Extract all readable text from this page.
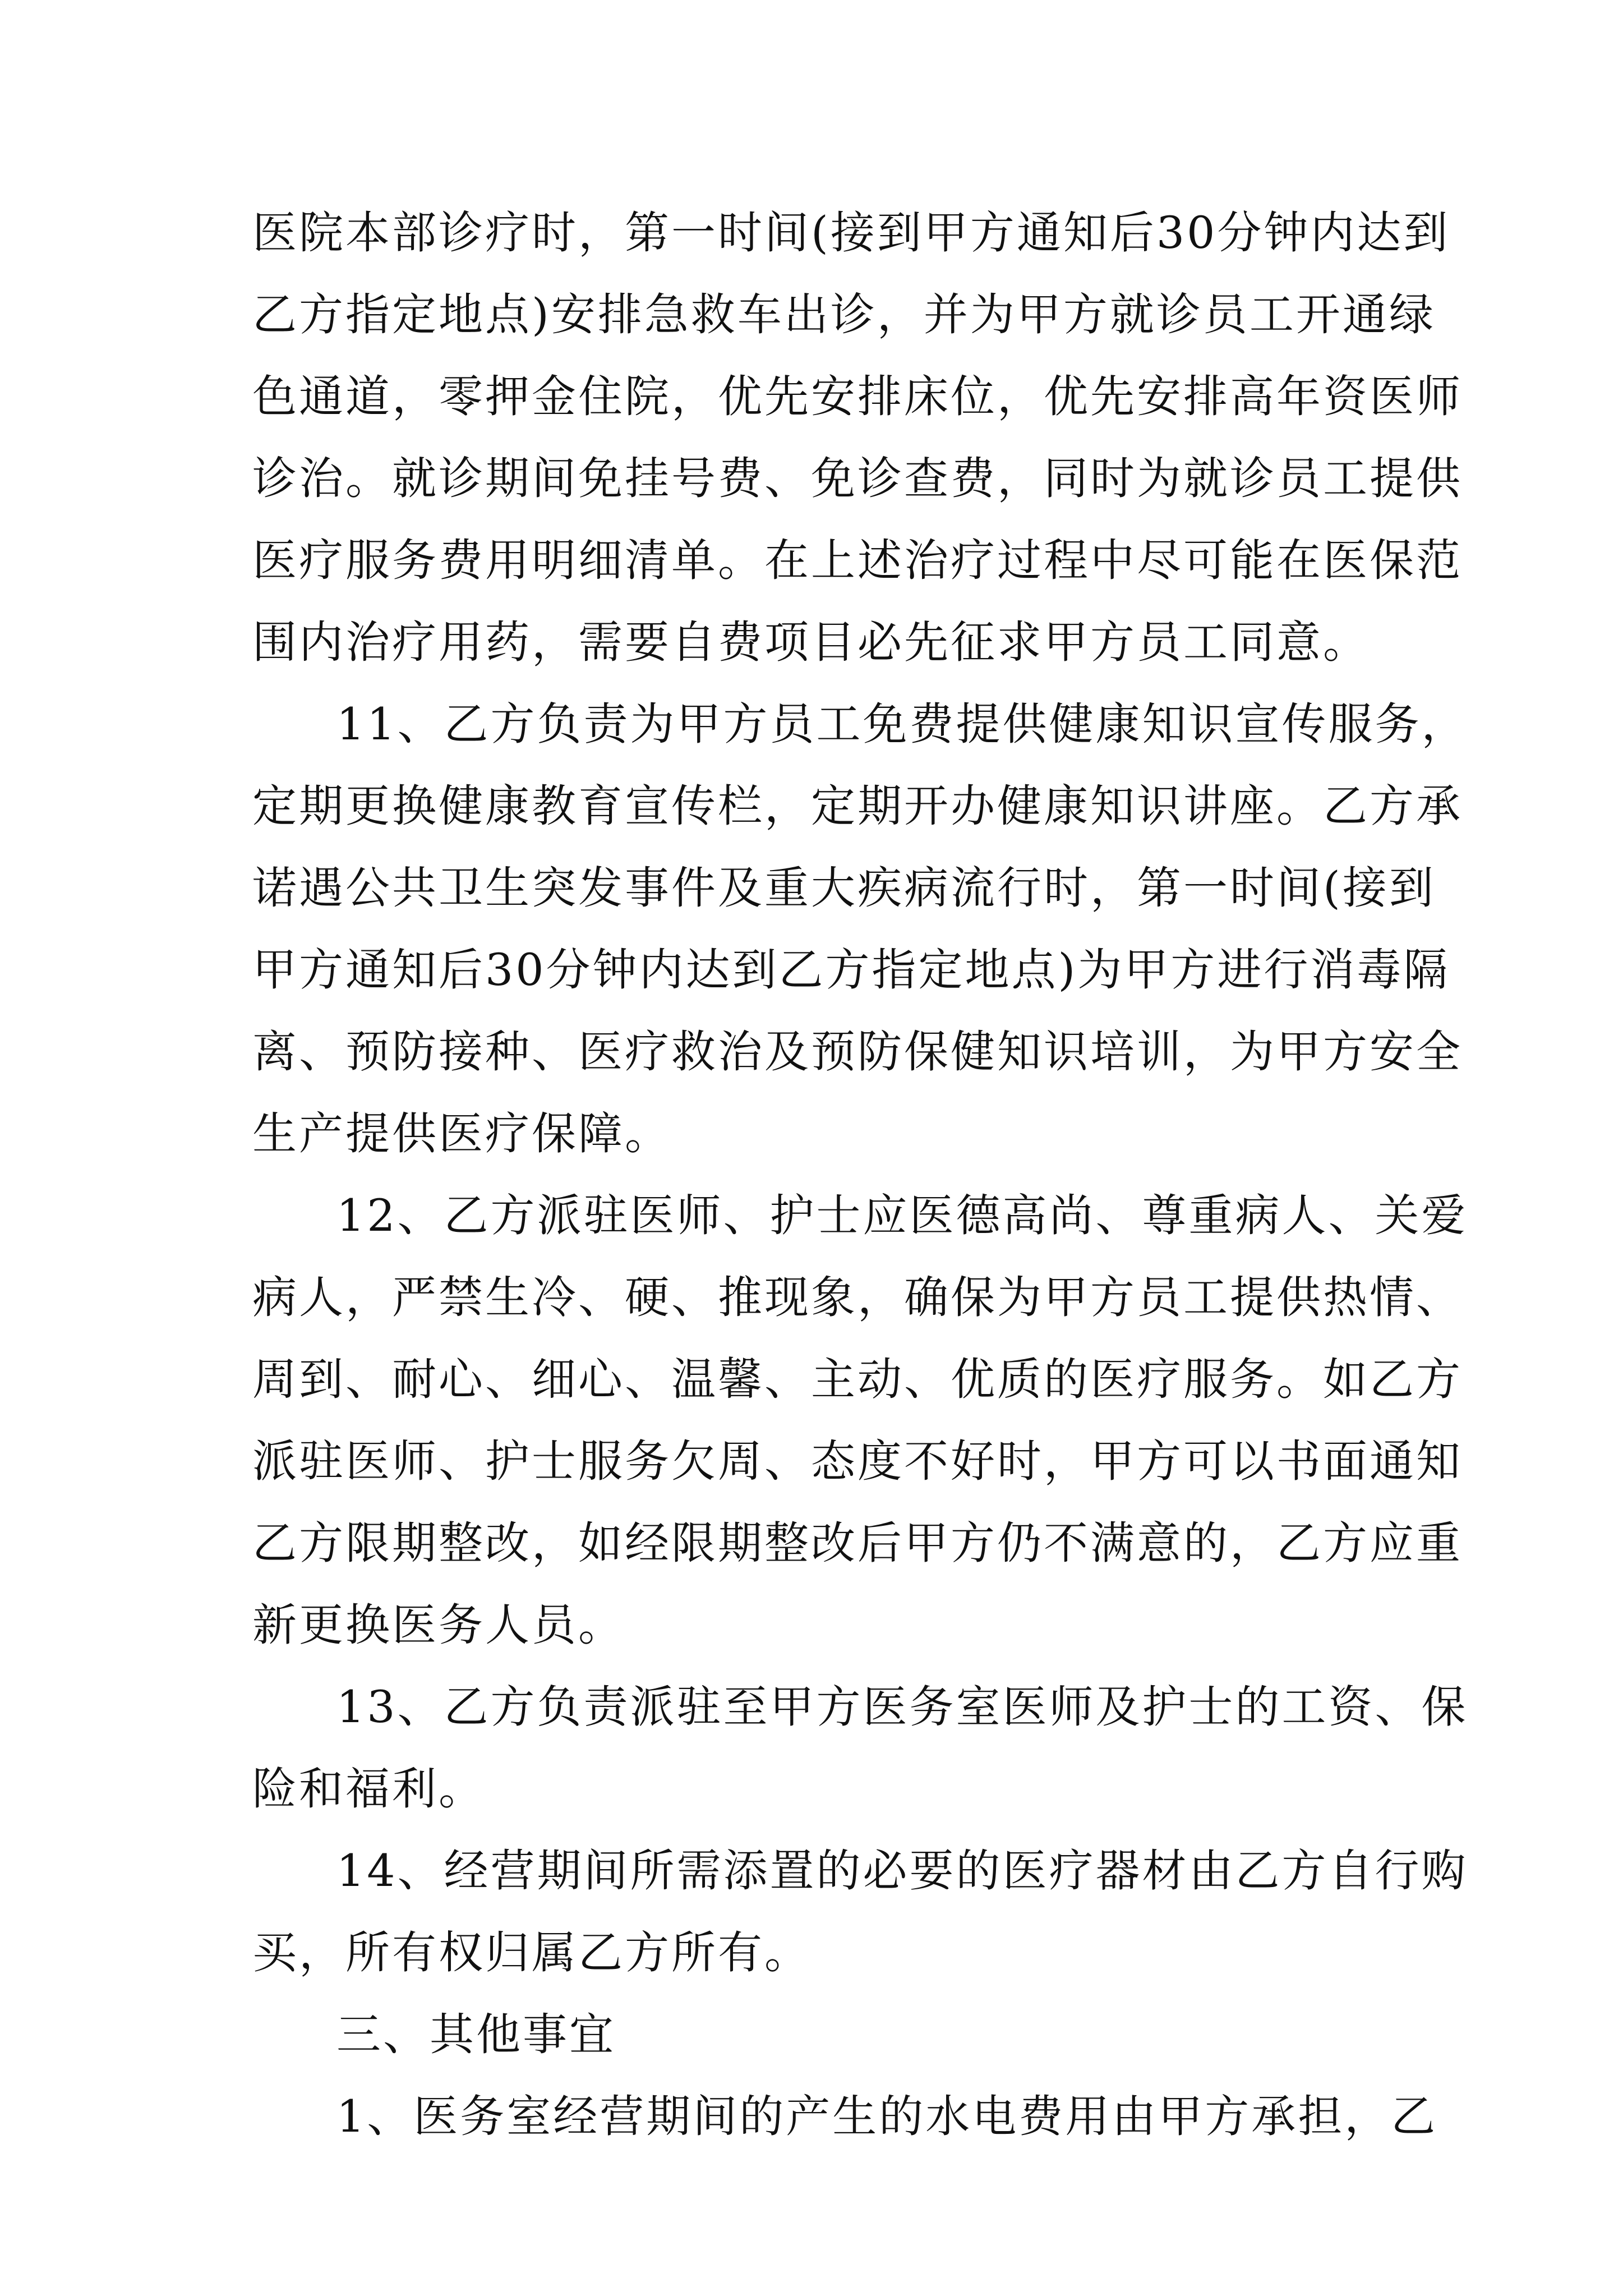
医院本部诊疗时，第一时间(接到甲方通知后30分钟内达到
乙方指定地点)安排急救车出诊，并为甲方就诊员工开通绿
色通道，零押金住院，优先安排床位，优先安排高年资医师
诊治。就诊期间免挂号费、免诊查费，同时为就诊员工提供
医疗服务费用明细清单。在上述治疗过程中尽可能在医保范
围内治疗用药，需要自费项目必先征求甲方员工同意。
11、乙方负责为甲方员工免费提供健康知识宣传服务，
定期更换健康教育宣传栏，定期开办健康知识讲座。乙方承
诺遇公共卫生突发事件及重大疾病流行时，第一时间(接到
甲方通知后30分钟内达到乙方指定地点)为甲方进行消毒隔
离、预防接种、医疗救治及预防保健知识培训，为甲方安全
生产提供医疗保障。
12、乙方派驻医师、护士应医德高尚、尊重病人、关爱
病人，严禁生冷、硬、推现象，确保为甲方员工提供热情、
周到、耐心、细心、温馨、主动、优质的医疗服务。如乙方
派驻医师、护士服务欠周、态度不好时，甲方可以书面通知
乙方限期整改，如经限期整改后甲方仍不满意的，乙方应重
新更换医务人员。
13、乙方负责派驻至甲方医务室医师及护士的工资、保
险和福利。
14、经营期间所需添置的必要的医疗器材由乙方自行购
买，所有权归属乙方所有。
三、其他事宜
1、医务室经营期间的产生的水电费用由甲方承担，乙
